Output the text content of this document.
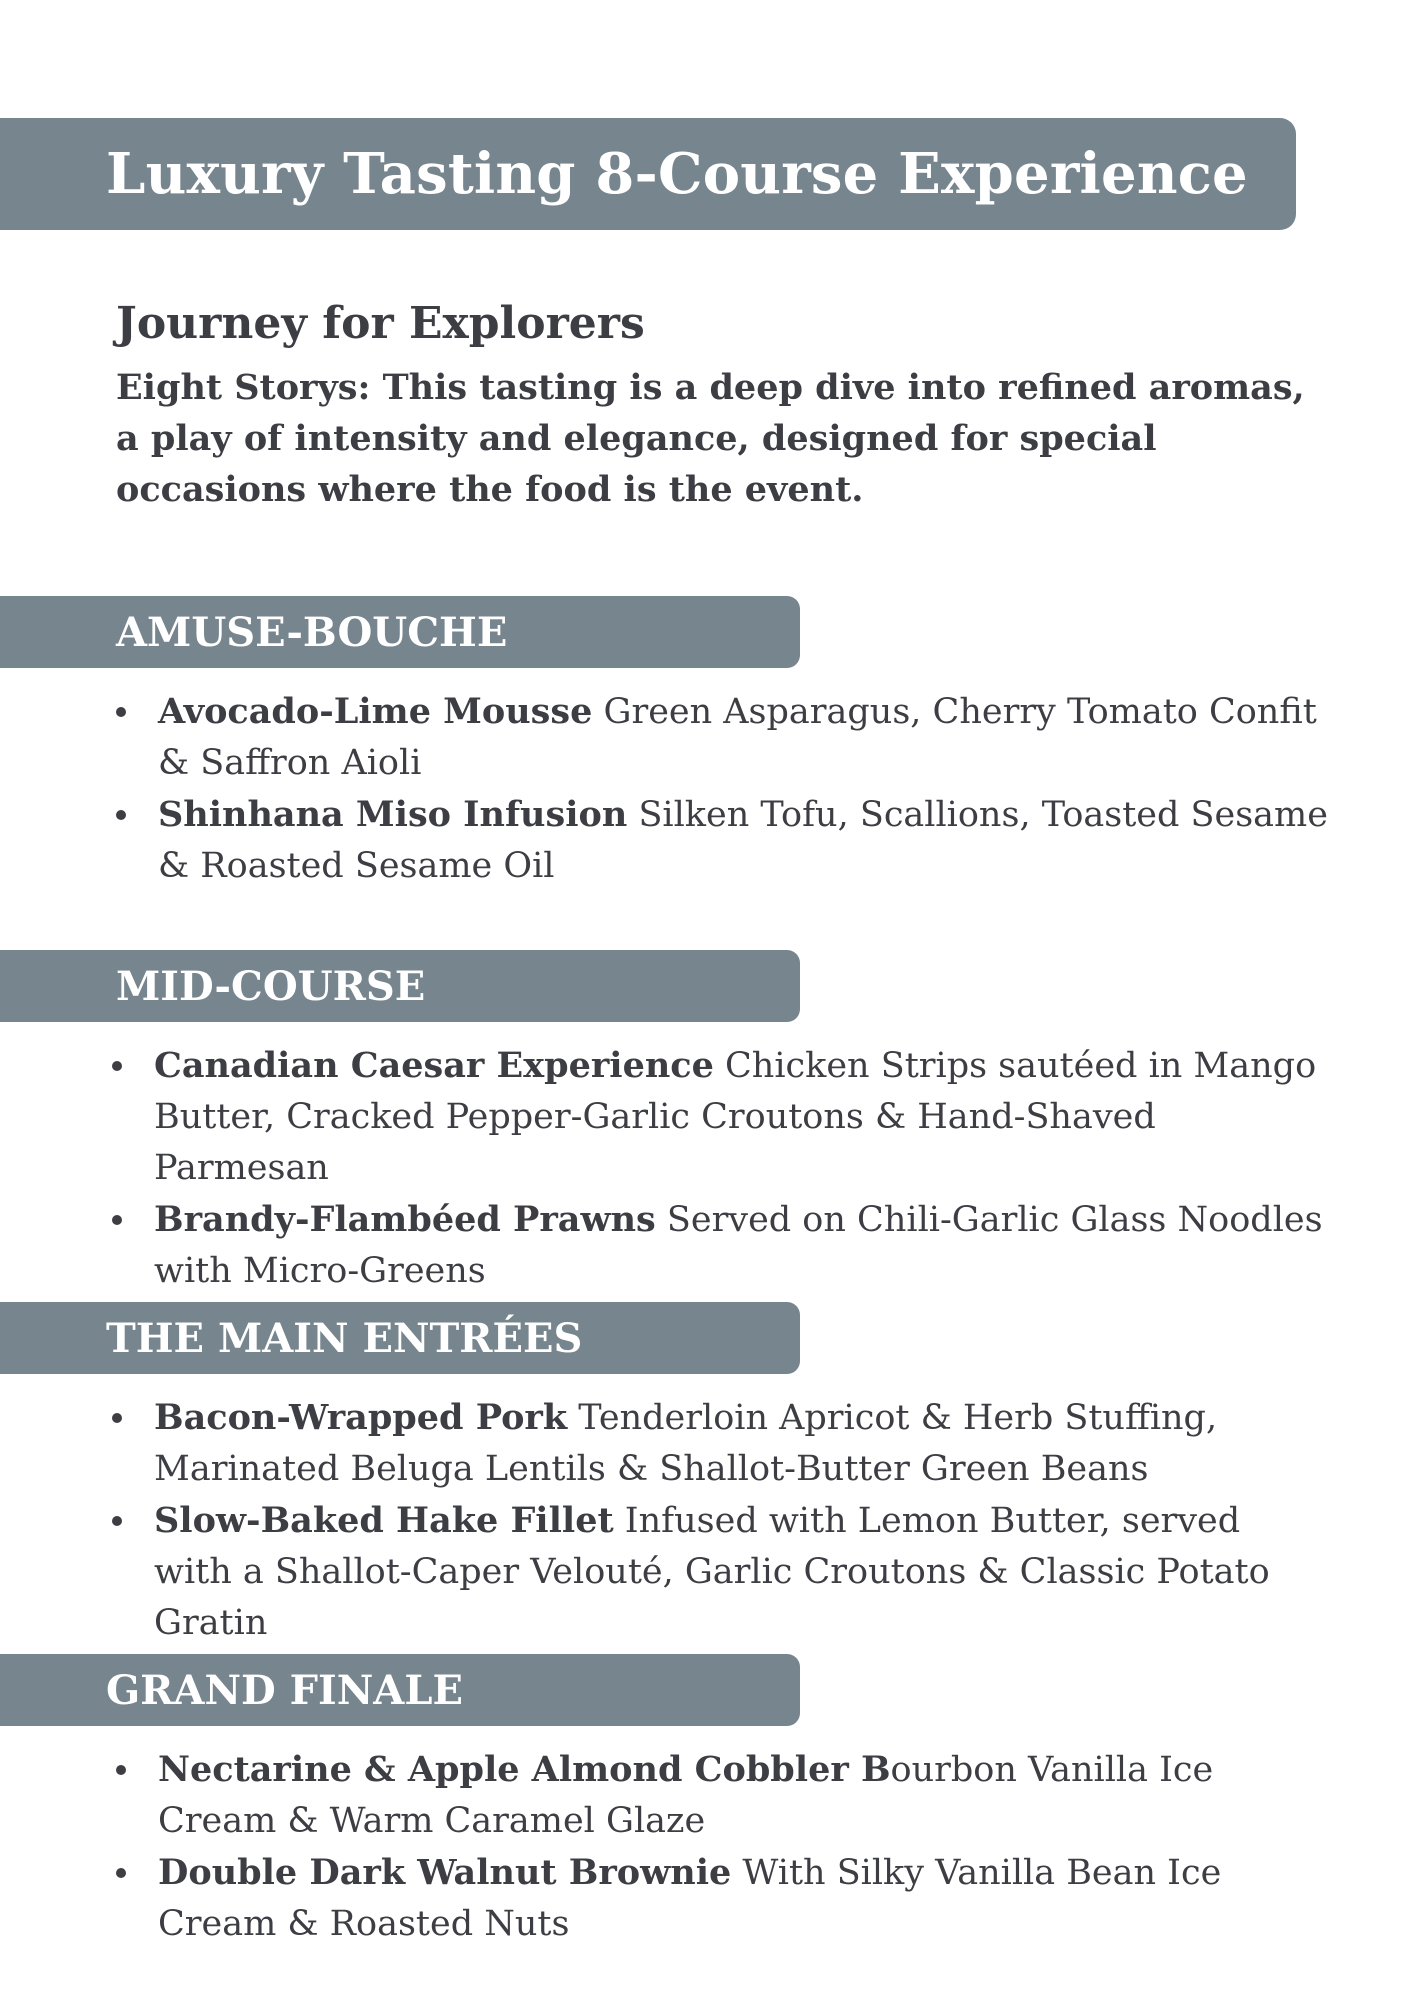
Luxury Tasting 8-Course Experience
Journey for Explorers

Eight Storys: This tasting is a deep dive into refined aromas, a play of intensity and elegance, designed for special occasions where the food is the event.

AMUSE-BOUCHE
Avocado-Lime Mousse Green Asparagus, Cherry Tomato Confit & Saffron Aioli
Shinhana Miso Infusion Silken Tofu, Scallions, Toasted Sesame & Roasted Sesame Oil
MID-COURSE
Canadian Caesar Experience Chicken Strips sautéed in Mango Butter, Cracked Pepper-Garlic Croutons & Hand-Shaved Parmesan
Brandy-Flambéed Prawns Served on Chili-Garlic Glass Noodles with Micro-Greens
THE MAIN ENTRÉES
Bacon-Wrapped Pork Tenderloin Apricot & Herb Stuffing, Marinated Beluga Lentils & Shallot-Butter Green Beans
Slow-Baked Hake Fillet Infused with Lemon Butter, served with a Shallot-Caper Velouté, Garlic Croutons & Classic Potato Gratin
GRAND FINALE
Nectarine & Apple Almond Cobbler Bourbon Vanilla Ice Cream & Warm Caramel Glaze
Double Dark Walnut Brownie With Silky Vanilla Bean Ice Cream & Roasted Nuts
